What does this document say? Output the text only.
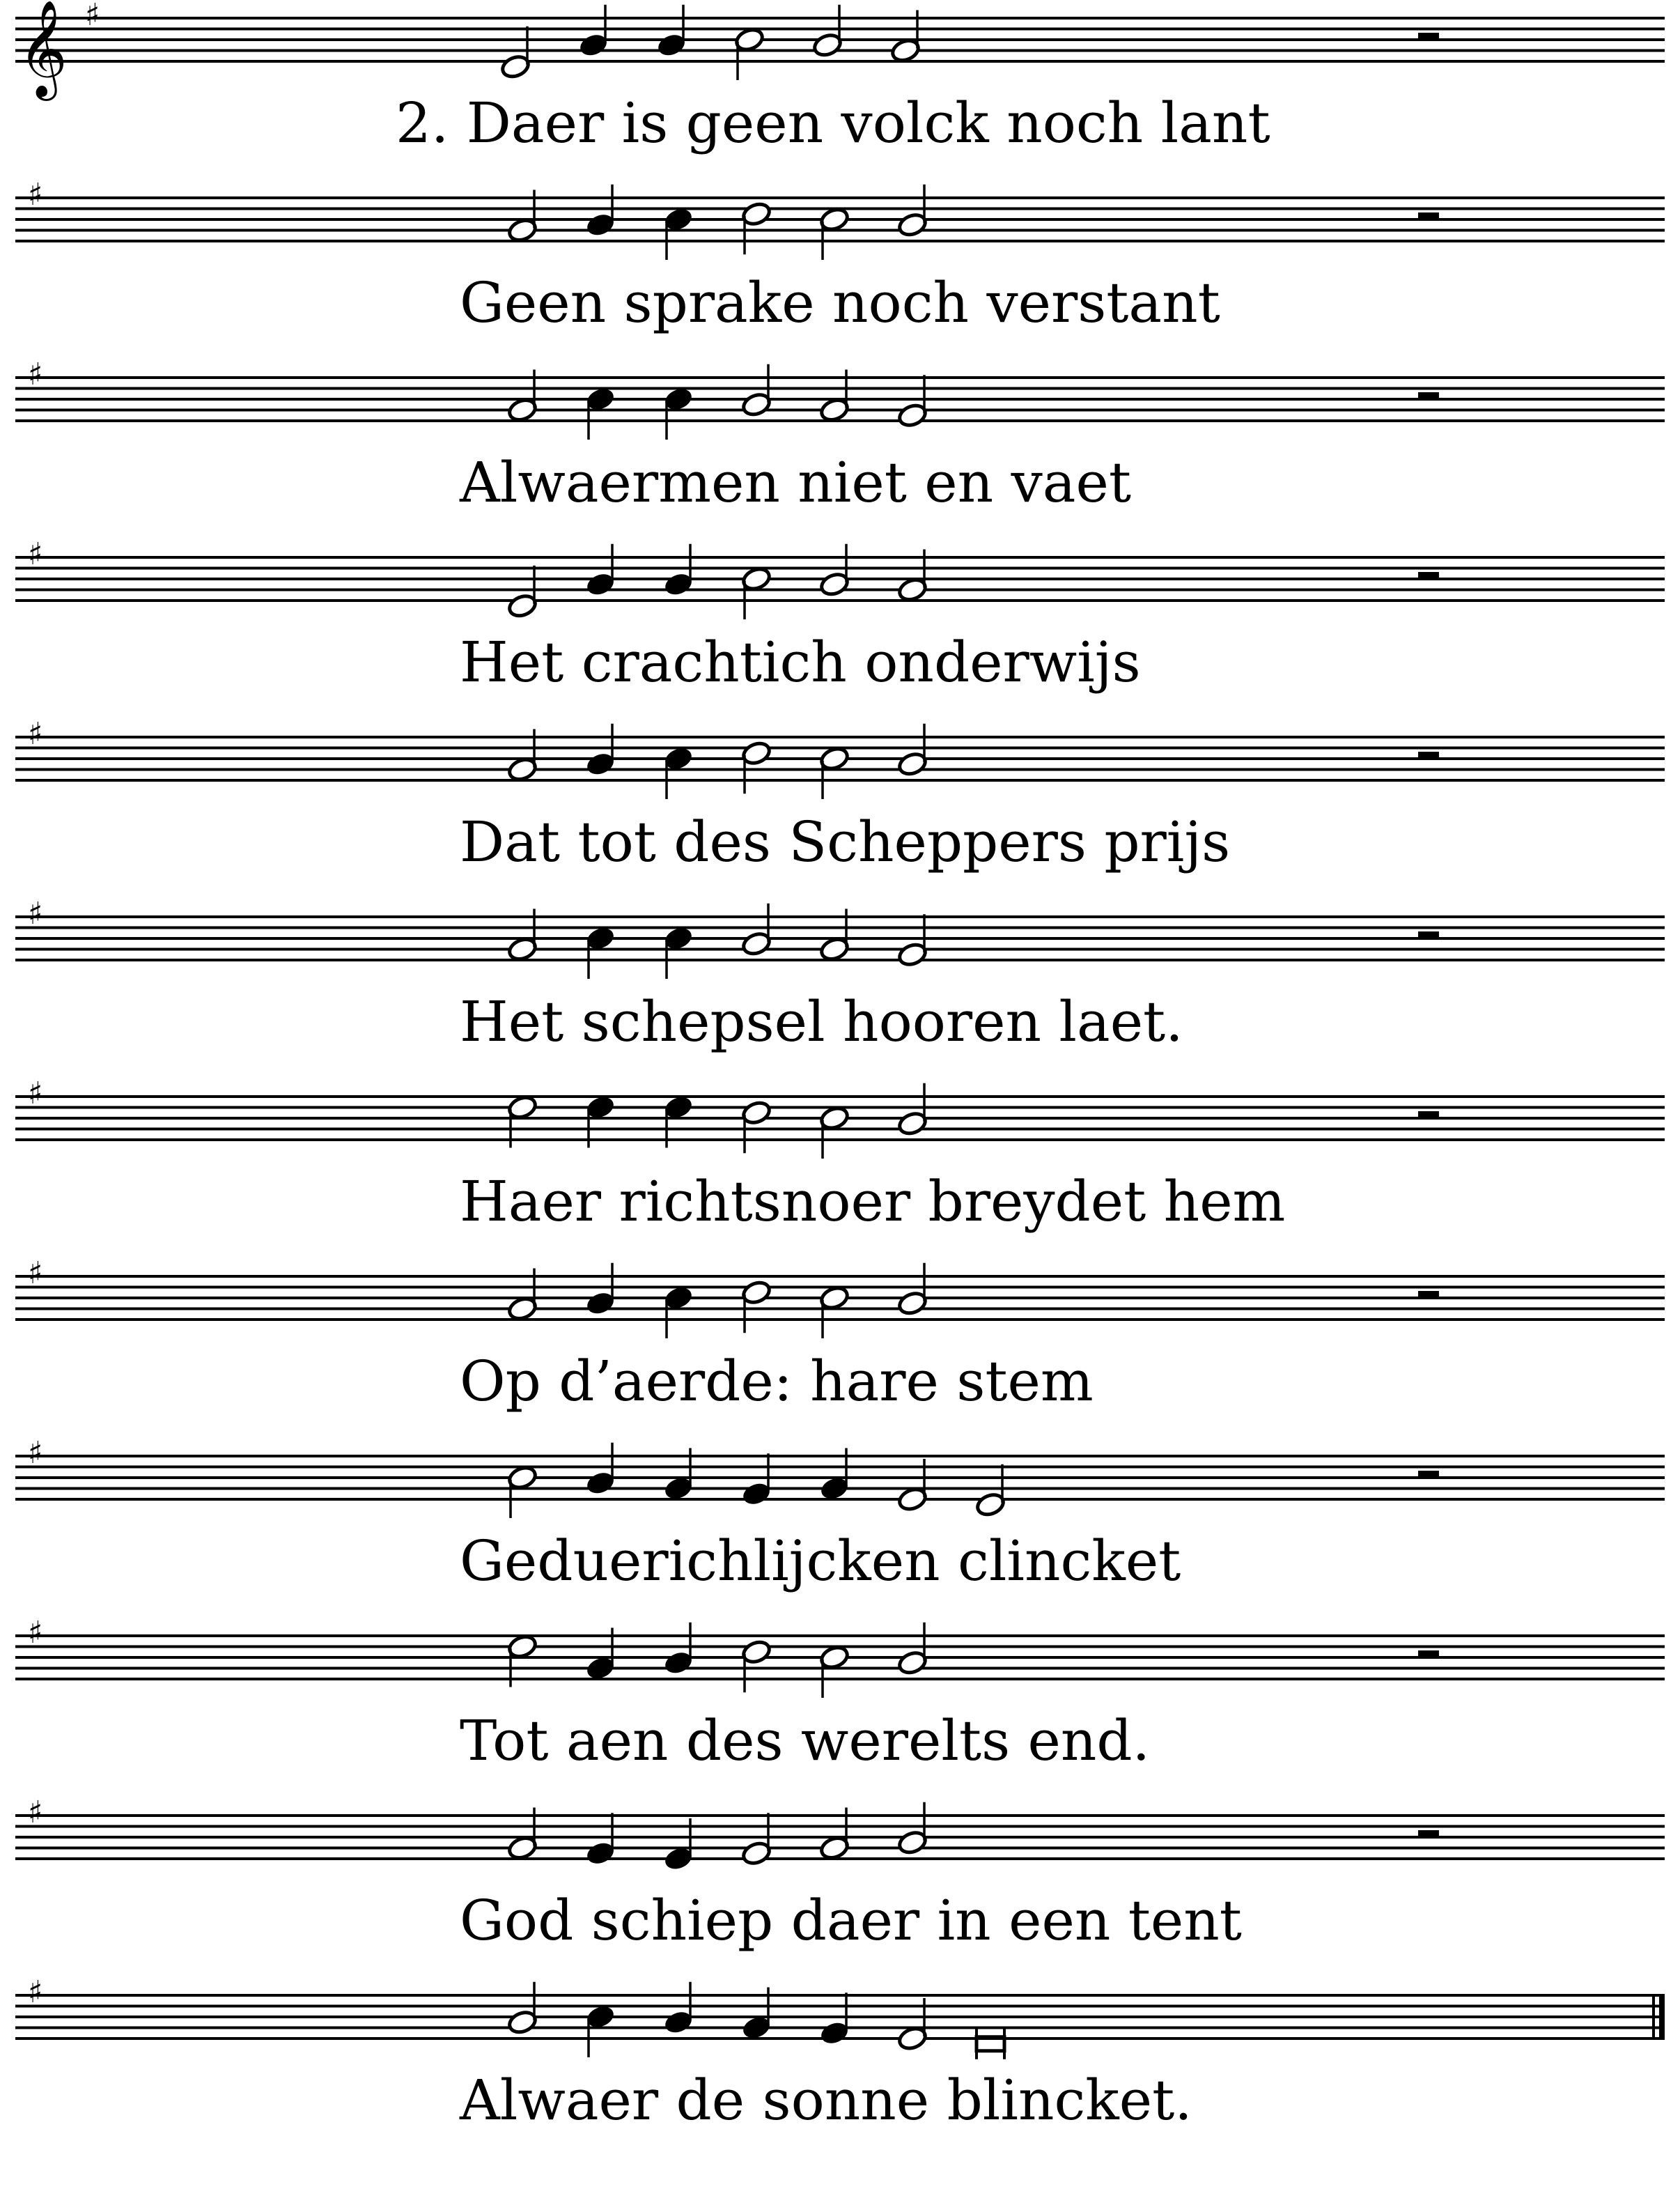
𝄞 ♯
2. Daer is geen volck noch lant
♯
Geen sprake noch verstant
♯
Alwaermen niet en vaet
♯
Het crachtich onderwijs
♯
Dat tot des Scheppers prijs
♯
Het schepsel hooren laet.
♯
Haer richtsnoer breydet hem
♯
Op d’aerde: hare stem
♯
Geduerichlijcken clincket
♯
Tot aen des werelts end.
♯
God schiep daer in een tent
♯
Alwaer de sonne blincket.
